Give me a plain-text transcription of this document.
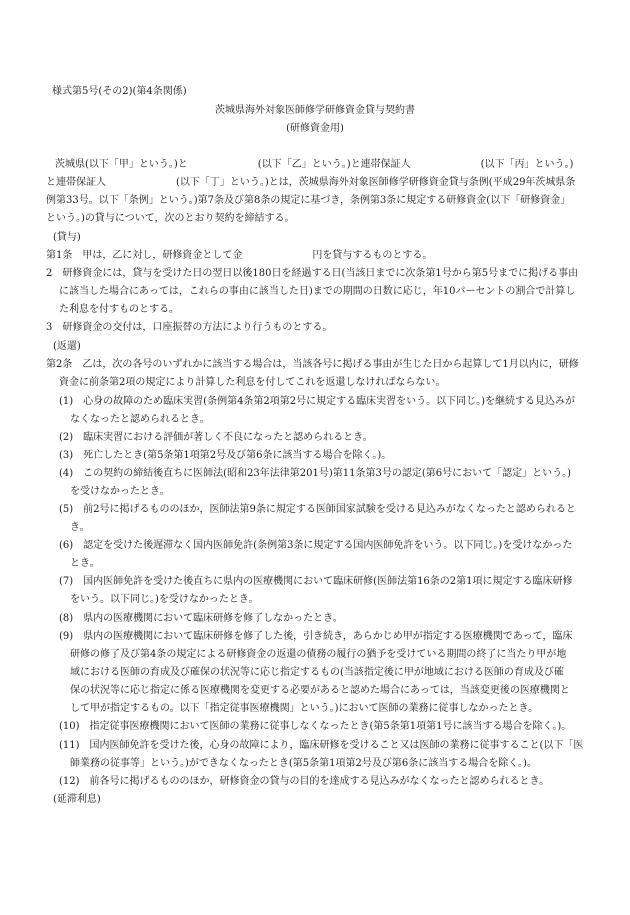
様式第5号(その2)(第4条関係)
茨城県海外対象医師修学研修資金貸与契約書
(研修資金用)
茨城県(以下「甲」という。)と　　　　　　　(以下「乙」という。)と連帯保証人　　　　　　　(以下「丙」という。)
と連帯保証人　　　　　　　(以下「丁」という。)とは，茨城県海外対象医師修学研修資金貸与条例(平成29年茨城県条
例第33号。以下「条例」という。)第7条及び第8条の規定に基づき，条例第3条に規定する研修資金(以下「研修資金」
という。)の貸与について，次のとおり契約を締結する。
(貸与)
第1条　甲は，乙に対し，研修資金として金　　　　　　　円を貸与するものとする。
2　研修資金には，貸与を受けた日の翌日以後180日を経過する日(当該日までに次条第1号から第5号までに掲げる事由
に該当した場合にあっては，これらの事由に該当した日)までの期間の日数に応じ，年10パーセントの割合で計算し
た利息を付すものとする。
3　研修資金の交付は，口座振替の方法により行うものとする。
(返還)
第2条　乙は，次の各号のいずれかに該当する場合は，当該各号に掲げる事由が生じた日から起算して1月以内に，研修
資金に前条第2項の規定により計算した利息を付してこれを返還しなければならない。
(1)　心身の故障のため臨床実習(条例第4条第2項第2号に規定する臨床実習をいう。以下同じ。)を継続する見込みが
なくなったと認められるとき。
(2)　臨床実習における評価が著しく不良になったと認められるとき。
(3)　死亡したとき(第5条第1項第2号及び第6条に該当する場合を除く。)。
(4)　この契約の締結後直ちに医師法(昭和23年法律第201号)第11条第3号の認定(第6号において「認定」という。)
を受けなかったとき。
(5)　前2号に掲げるもののほか，医師法第9条に規定する医師国家試験を受ける見込みがなくなったと認められると
き。
(6)　認定を受けた後遅滞なく国内医師免許(条例第3条に規定する国内医師免許をいう。以下同じ。)を受けなかった
とき。
(7)　国内医師免許を受けた後直ちに県内の医療機関において臨床研修(医師法第16条の2第1項に規定する臨床研修
をいう。以下同じ。)を受けなかったとき。
(8)　県内の医療機関において臨床研修を修了しなかったとき。
(9)　県内の医療機関において臨床研修を修了した後，引き続き，あらかじめ甲が指定する医療機関であって，臨床
研修の修了及び第4条の規定による研修資金の返還の債務の履行の猶予を受けている期間の終了に当たり甲が地
域における医師の育成及び確保の状況等に応じ指定するもの(当該指定後に甲が地域における医師の育成及び確
保の状況等に応じ指定に係る医療機関を変更する必要があると認めた場合にあっては，当該変更後の医療機関と
して甲が指定するもの。以下「指定従事医療機関」という。)において医師の業務に従事しなかったとき。
(10)　指定従事医療機関において医師の業務に従事しなくなったとき(第5条第1項第1号に該当する場合を除く。)。
(11)　国内医師免許を受けた後，心身の故障により，臨床研修を受けること又は医師の業務に従事すること(以下「医
師業務の従事等」という。)ができなくなったとき(第5条第1項第2号及び第6条に該当する場合を除く。)。
(12)　前各号に掲げるもののほか，研修資金の貸与の目的を達成する見込みがなくなったと認められるとき。
(延滞利息)
